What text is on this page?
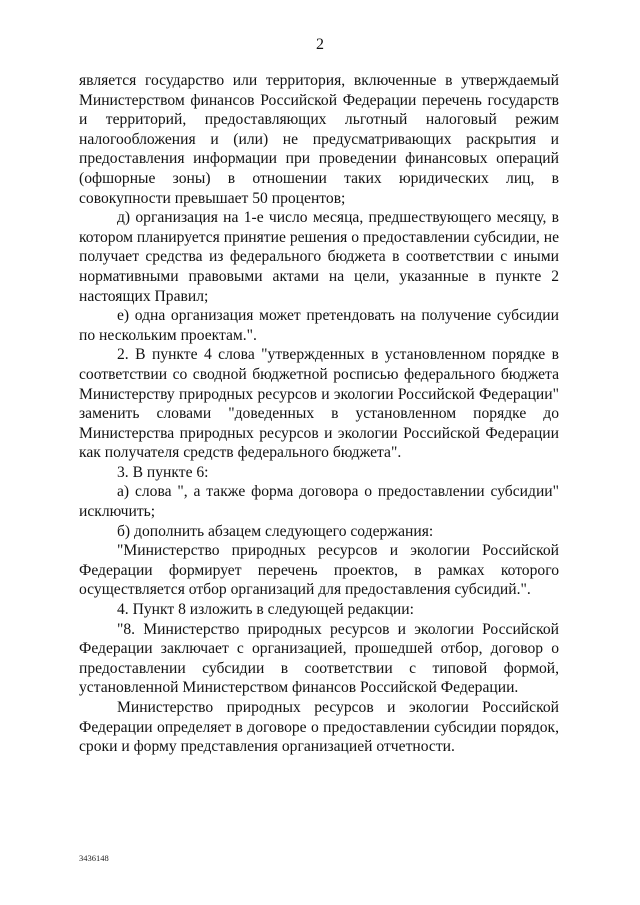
2

является государство или территория, включенные в утверждаемый Министерством финансов Российской Федерации перечень государств и территорий, предоставляющих льготный налоговый режим налогообложения и (или) не предусматривающих раскрытия и предоставления информации при проведении финансовых операций (офшорные зоны) в отношении таких юридических лиц, в совокупности превышает 50 процентов;

д) организация на 1-е число месяца, предшествующего месяцу, в котором планируется принятие решения о предоставлении субсидии, не получает средства из федерального бюджета в соответствии с иными нормативными правовыми актами на цели, указанные в пункте 2 настоящих Правил;

е) одна организация может претендовать на получение субсидии по нескольким проектам.".

2. В пункте 4 слова "утвержденных в установленном порядке в соответствии со сводной бюджетной росписью федерального бюджета Министерству природных ресурсов и экологии Российской Федерации" заменить словами "доведенных в установленном порядке до Министерства природных ресурсов и экологии Российской Федерации как получателя средств федерального бюджета".

3. В пункте 6:

а) слова ", а также форма договора о предоставлении субсидии" исключить;

б) дополнить абзацем следующего содержания:

"Министерство природных ресурсов и экологии Российской Федерации формирует перечень проектов, в рамках которого осуществляется отбор организаций для предоставления субсидий.".

4. Пункт 8 изложить в следующей редакции:

"8. Министерство природных ресурсов и экологии Российской Федерации заключает с организацией, прошедшей отбор, договор о предоставлении субсидии в соответствии с типовой формой, установленной Министерством финансов Российской Федерации.

Министерство природных ресурсов и экологии Российской Федерации определяет в договоре о предоставлении субсидии порядок, сроки и форму представления организацией отчетности.

3436148
